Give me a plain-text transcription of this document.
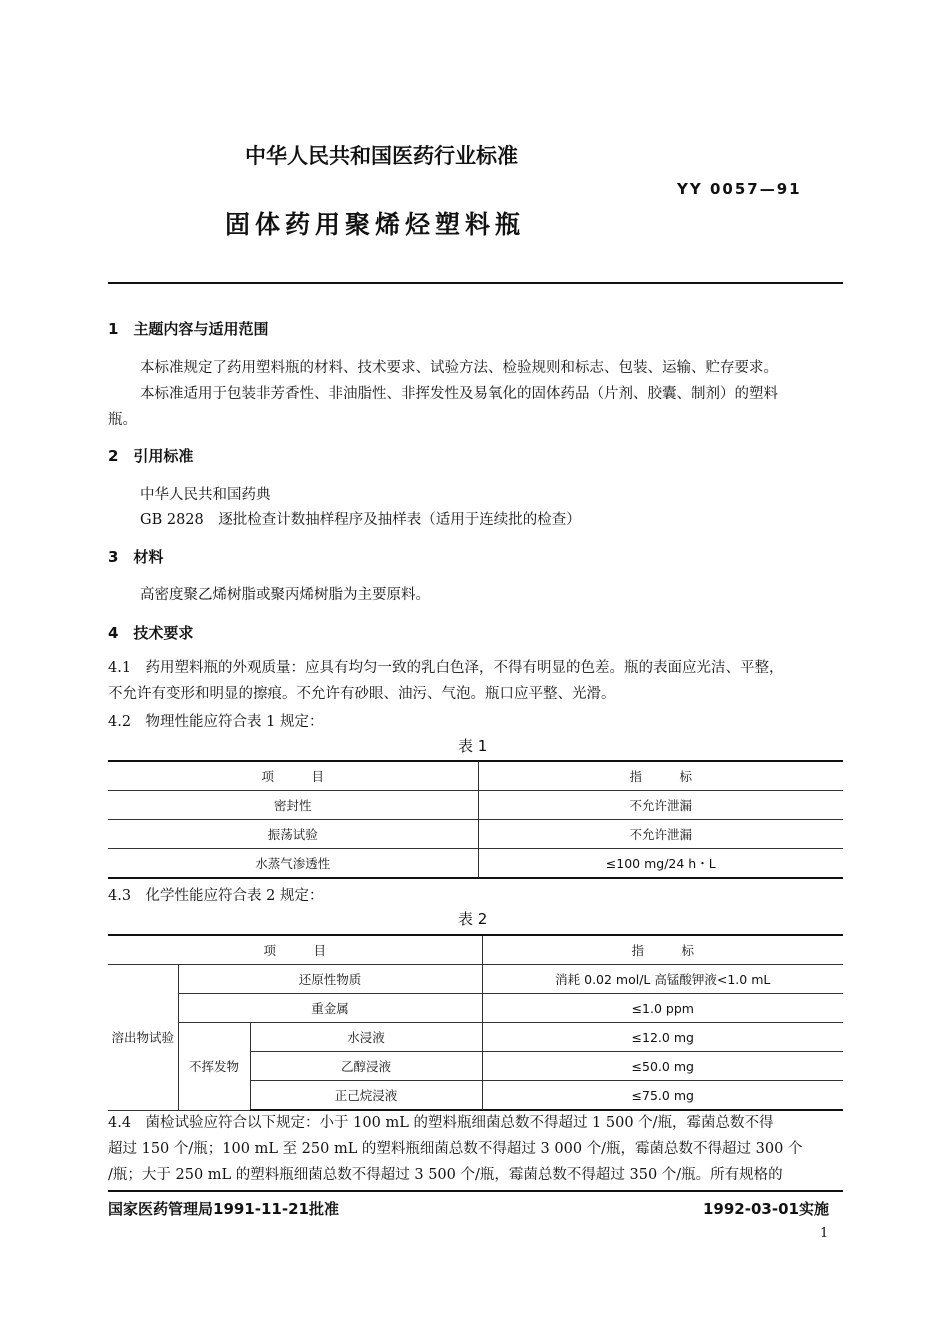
中华人民共和国医药行业标准
YY 0057—91
固体药用聚烯烃塑料瓶
1　主题内容与适用范围
本标准规定了药用塑料瓶的材料、技术要求、试验方法、检验规则和标志、包装、运输、贮存要求。
本标准适用于包装非芳香性、非油脂性、非挥发性及易氧化的固体药品（片剂、胶囊、制剂）的塑料
瓶。
2　引用标准
中华人民共和国药典
GB 2828　逐批检查计数抽样程序及抽样表（适用于连续批的检查）
3　材料
高密度聚乙烯树脂或聚丙烯树脂为主要原料。
4　技术要求
4.1　药用塑料瓶的外观质量：应具有均匀一致的乳白色泽，不得有明显的色差。瓶的表面应光洁、平整，
不允许有变形和明显的擦痕。不允许有砂眼、油污、气泡。瓶口应平整、光滑。
4.2　物理性能应符合表 1 规定：
表 1
项　　　目	指　　　标
密封性	不允许泄漏
振荡试验	不允许泄漏
水蒸气渗透性	≤100 mg/24 h・L
4.3　化学性能应符合表 2 规定：
表 2
项　　　目			指　　　标
溶出物试验	还原性物质		消耗 0.02 mol/L 高锰酸钾液<1.0 mL
	重金属		≤1.0 ppm
	不挥发物	水浸液	≤12.0 mg
		乙醇浸液	≤50.0 mg
		正己烷浸液	≤75.0 mg
4.4　菌检试验应符合以下规定：小于 100 mL 的塑料瓶细菌总数不得超过 1 500 个/瓶，霉菌总数不得
超过 150 个/瓶；100 mL 至 250 mL 的塑料瓶细菌总数不得超过 3 000 个/瓶，霉菌总数不得超过 300 个
/瓶；大于 250 mL 的塑料瓶细菌总数不得超过 3 500 个/瓶，霉菌总数不得超过 350 个/瓶。所有规格的
国家医药管理局1991-11-21批准	1992-03-01实施
1
